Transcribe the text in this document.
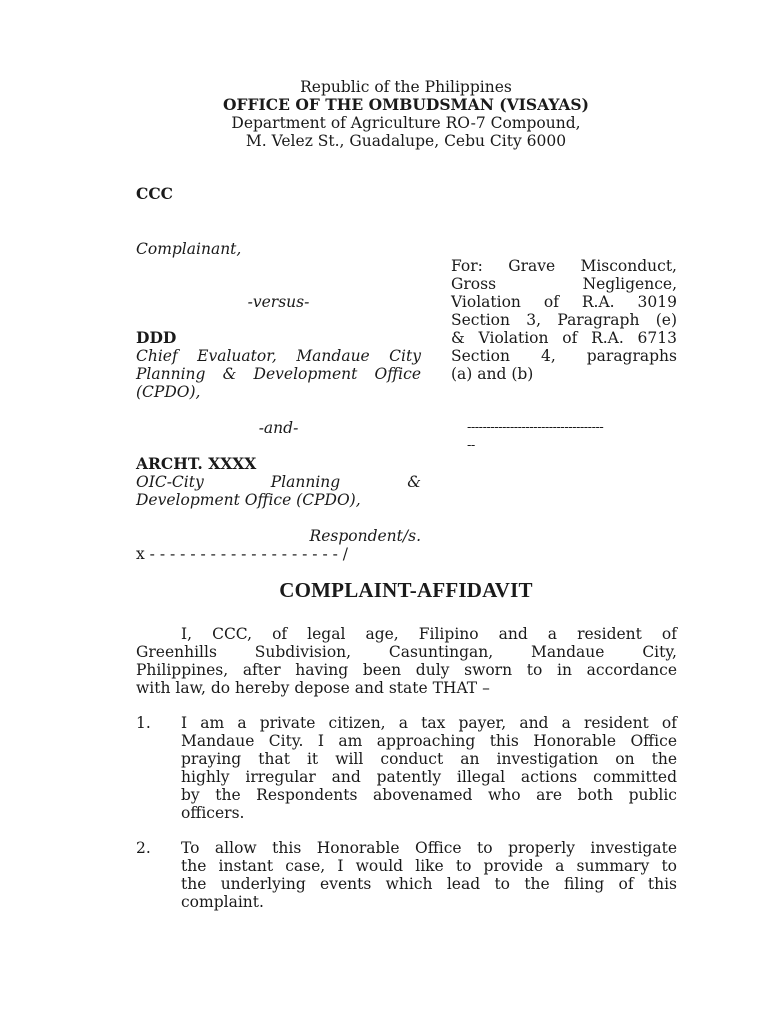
Republic of the Philippines
OFFICE OF THE OMBUDSMAN (VISAYAS)
Department of Agriculture RO-7 Compound,
M. Velez St., Guadalupe, Cebu City 6000
CCC
Complainant,
-versus-
DDD
Chief Evaluator, Mandaue City
Planning & Development Office
(CPDO),
-and-
ARCHT. XXXX
OIC-City Planning &
Development Office (CPDO),
Respondent/s.
x - - - - - - - - - - - - - - - - - - - /
For: Grave Misconduct,
Gross Negligence,
Violation of R.A. 3019
Section 3, Paragraph (e)
& Violation of R.A. 6713
Section 4, paragraphs
(a) and (b)
-----------------------------------
--
COMPLAINT-AFFIDAVIT
I, CCC, of legal age, Filipino and a resident of
Greenhills Subdivision, Casuntingan, Mandaue City,
Philippines, after having been duly sworn to in accordance
with law, do hereby depose and state THAT –
1.	I am a private citizen, a tax payer, and a resident of
Mandaue City. I am approaching this Honorable Office
praying that it will conduct an investigation on the
highly irregular and patently illegal actions committed
by the Respondents abovenamed who are both public
officers.
2.	To allow this Honorable Office to properly investigate
the instant case, I would like to provide a summary to
the underlying events which lead to the filing of this
complaint.
